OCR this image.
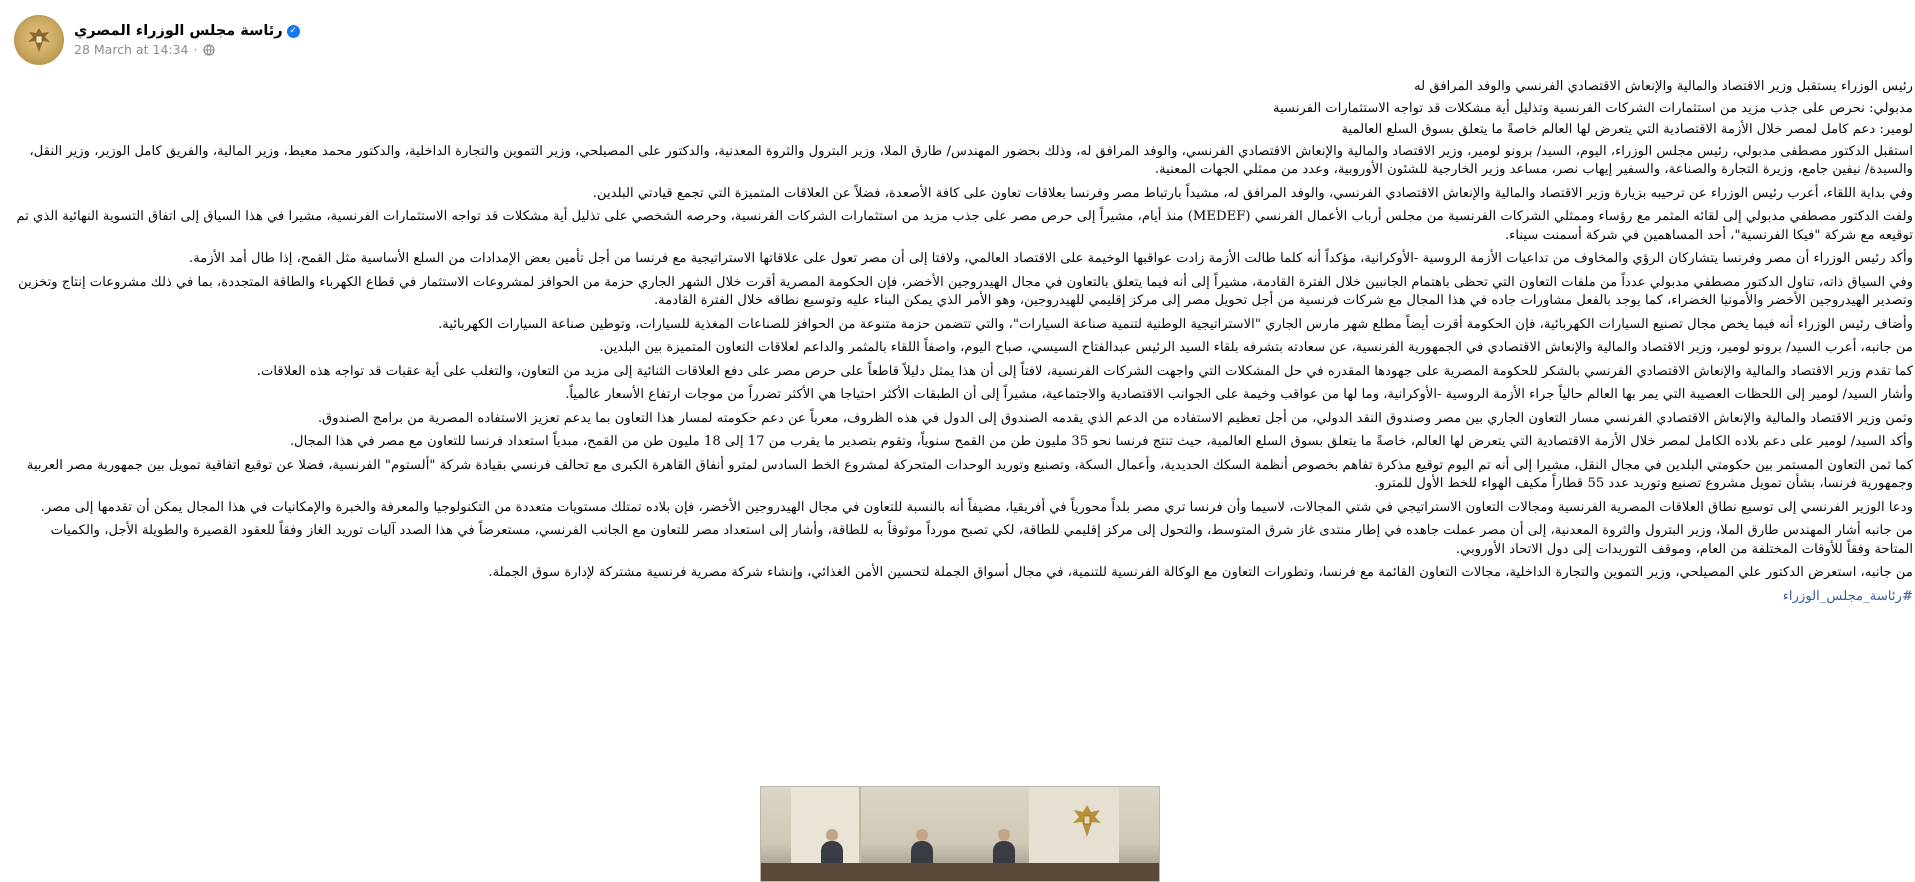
رئاسة مجلس الوزراء المصري ✓
28 March at 14:34 ·

رئيس الوزراء يستقبل وزير الاقتصاد والمالية والإنعاش الاقتصادي الفرنسي والوفد المرافق له

مدبولي: نحرص على جذب مزيد من استثمارات الشركات الفرنسية وتذليل أية مشكلات قد تواجه الاستثمارات الفرنسية

لومير: دعم كامل لمصر خلال الأزمة الاقتصادية التي يتعرض لها العالم خاصةً ما يتعلق بسوق السلع العالمية

استقبل الدكتور مصطفى مدبولي، رئيس مجلس الوزراء، اليوم، السيد/ برونو لومير، وزير الاقتصاد والمالية والإنعاش الاقتصادي الفرنسي، والوفد المرافق له، وذلك بحضور المهندس/ طارق الملا، وزير البترول والثروة المعدنية، والدكتور على المصيلحي، وزير التموين والتجارة الداخلية، والدكتور محمد معيط، وزير المالية، والفريق كامل الوزير، وزير النقل، والسيدة/ نيفين جامع، وزيرة التجارة والصناعة، والسفير إيهاب نصر، مساعد وزير الخارجية للشئون الأوروبية، وعدد من ممثلي الجهات المعنية.

وفي بداية اللقاء، أعرب رئيس الوزراء عن ترحيبه بزيارة وزير الاقتصاد والمالية والإنعاش الاقتصادي الفرنسي، والوفد المرافق له، مشيداً بارتباط مصر وفرنسا بعلاقات تعاون على كافة الأصعدة، فضلاً عن العلاقات المتميزة التي تجمع قيادتي البلدين.

ولفت الدكتور مصطفي مدبولي إلى لقائه المثمر مع رؤساء وممثلي الشركات الفرنسية من مجلس أرباب الأعمال الفرنسي (MEDEF) منذ أيام، مشيراً إلى حرص مصر على جذب مزيد من استثمارات الشركات الفرنسية، وحرصه الشخصي على تذليل أية مشكلات قد تواجه الاستثمارات الفرنسية، مشيرا في هذا السياق إلى اتفاق التسوية النهائية الذي تم توقيعه مع شركة "فيكا الفرنسية"، أحد المساهمين في شركة أسمنت سيناء.

وأكد رئيس الوزراء أن مصر وفرنسا يتشاركان الرؤي والمخاوف من تداعيات الأزمة الروسية -الأوكرانية، مؤكداً أنه كلما طالت الأزمة زادت عواقبها الوخيمة على الاقتصاد العالمي، ولافتا إلى أن مصر تعول على علاقاتها الاستراتيجية مع فرنسا من أجل تأمين بعض الإمدادات من السلع الأساسية مثل القمح، إذا طال أمد الأزمة.

وفي السياق ذاته، تناول الدكتور مصطفي مدبولي عدداً من ملفات التعاون التي تحظى باهتمام الجانبين خلال الفترة القادمة، مشيراً إلى أنه فيما يتعلق بالتعاون في مجال الهيدروجين الأخضر، فإن الحكومة المصرية أقرت خلال الشهر الجاري حزمة من الحوافز لمشروعات الاستثمار في قطاع الكهرباء والطاقة المتجددة، بما في ذلك مشروعات إنتاج وتخزين وتصدير الهيدروجين الأخضر والأمونيا الخضراء، كما يوجد بالفعل مشاورات جاده في هذا المجال مع شركات فرنسية من أجل تحويل مصر إلى مركز إقليمي للهيدروجين، وهو الأمر الذي يمكن البناء عليه وتوسيع نطاقه خلال الفترة القادمة.

وأضاف رئيس الوزراء أنه فيما يخص مجال تصنيع السيارات الكهربائية، فإن الحكومة أقرت أيضاً مطلع شهر مارس الجاري "الاستراتيجية الوطنية لتنمية صناعة السيارات"، والتي تتضمن حزمة متنوعة من الحوافز للصناعات المغذية للسيارات، وتوطين صناعة السيارات الكهربائية.

من جانبه، أعرب السيد/ برونو لومير، وزير الاقتصاد والمالية والإنعاش الاقتصادي في الجمهورية الفرنسية، عن سعادته بتشرفه بلقاء السيد الرئيس عبدالفتاح السيسي، صباح اليوم، واصفاً اللقاء بالمثمر والداعم لعلاقات التعاون المتميزة بين البلدين.

كما تقدم وزير الاقتصاد والمالية والإنعاش الاقتصادي الفرنسي بالشكر للحكومة المصرية على جهودها المقدره في حل المشكلات التي واجهت الشركات الفرنسية، لافتاً إلى أن هذا يمثل دليلاً قاطعاً على حرص مصر على دفع العلاقات الثنائية إلى مزيد من التعاون، والتغلب على أية عقبات قد تواجه هذه العلاقات.

وأشار السيد/ لومير إلى اللحظات العصيبة التي يمر بها العالم حالياً جراء الأزمة الروسية -الأوكرانية، وما لها من عواقب وخيمة على الجوانب الاقتصادية والاجتماعية، مشيراً إلى أن الطبقات الأكثر احتياجا هي الأكثر تضرراً من موجات ارتفاع الأسعار عالمياً.

وثمن وزير الاقتصاد والمالية والإنعاش الاقتصادي الفرنسي مسار التعاون الجاري بين مصر وصندوق النقد الدولي، من أجل تعظيم الاستفاده من الدعم الذي يقدمه الصندوق إلى الدول في هذه الظروف، معرباً عن دعم حكومته لمسار هذا التعاون بما يدعم تعزيز الاستفاده المصرية من برامج الصندوق.

وأكد السيد/ لومير على دعم بلاده الكامل لمصر خلال الأزمة الاقتصادية التي يتعرض لها العالم، خاصةً ما يتعلق بسوق السلع العالمية، حيث تنتج فرنسا نحو 35 مليون طن من القمح سنوياً، وتقوم بتصدير ما يقرب من 17 إلى 18 مليون طن من القمح، مبدياً استعداد فرنسا للتعاون مع مصر في هذا المجال.

كما ثمن التعاون المستمر بين حكومتي البلدين في مجال النقل، مشيرا إلى أنه تم اليوم توقيع مذكرة تفاهم بخصوص أنظمة السكك الحديدية، وأعمال السكة، وتصنيع وتوريد الوحدات المتحركة لمشروع الخط السادس لمترو أنفاق القاهرة الكبرى مع تحالف فرنسي بقيادة شركة "ألستوم" الفرنسية، فضلا عن توقيع اتفاقية تمويل بين جمهورية مصر العربية وجمهورية فرنسا، بشأن تمويل مشروع تصنيع وتوريد عدد 55 قطاراً مكيف الهواء للخط الأول للمترو.

ودعا الوزير الفرنسي إلى توسيع نطاق العلاقات المصرية الفرنسية ومجالات التعاون الاستراتيجي في شتي المجالات، لاسيما وأن فرنسا تري مصر بلداً محورياً في أفريقيا، مضيفاً أنه بالنسبة للتعاون في مجال الهيدروجين الأخضر، فإن بلاده تمتلك مستويات متعددة من التكنولوجيا والمعرفة والخبرة والإمكانيات في هذا المجال يمكن أن تقدمها إلى مصر.

من جانبه أشار المهندس طارق الملا، وزير البترول والثروة المعدنية، إلى أن مصر عملت جاهده في إطار منتدى غاز شرق المتوسط، والتحول إلى مركز إقليمي للطاقة، لكي تصبح مورداً موثوقاً به للطاقة، وأشار إلى استعداد مصر للتعاون مع الجانب الفرنسي، مستعرضاً في هذا الصدد آليات توريد الغاز وفقاً للعقود القصيرة والطويلة الأجل، والكميات المتاحة وفقاً للأوقات المختلفة من العام، وموقف التوريدات إلى دول الاتحاد الأوروبي.

من جانبه، استعرض الدكتور علي المصيلحي، وزير التموين والتجارة الداخلية، مجالات التعاون القائمة مع فرنسا، وتطورات التعاون مع الوكالة الفرنسية للتنمية، في مجال أسواق الجملة لتحسين الأمن الغذائي، وإنشاء شركة مصرية فرنسية مشتركة لإدارة سوق الجملة.

#رئاسة_مجلس_الوزراء
